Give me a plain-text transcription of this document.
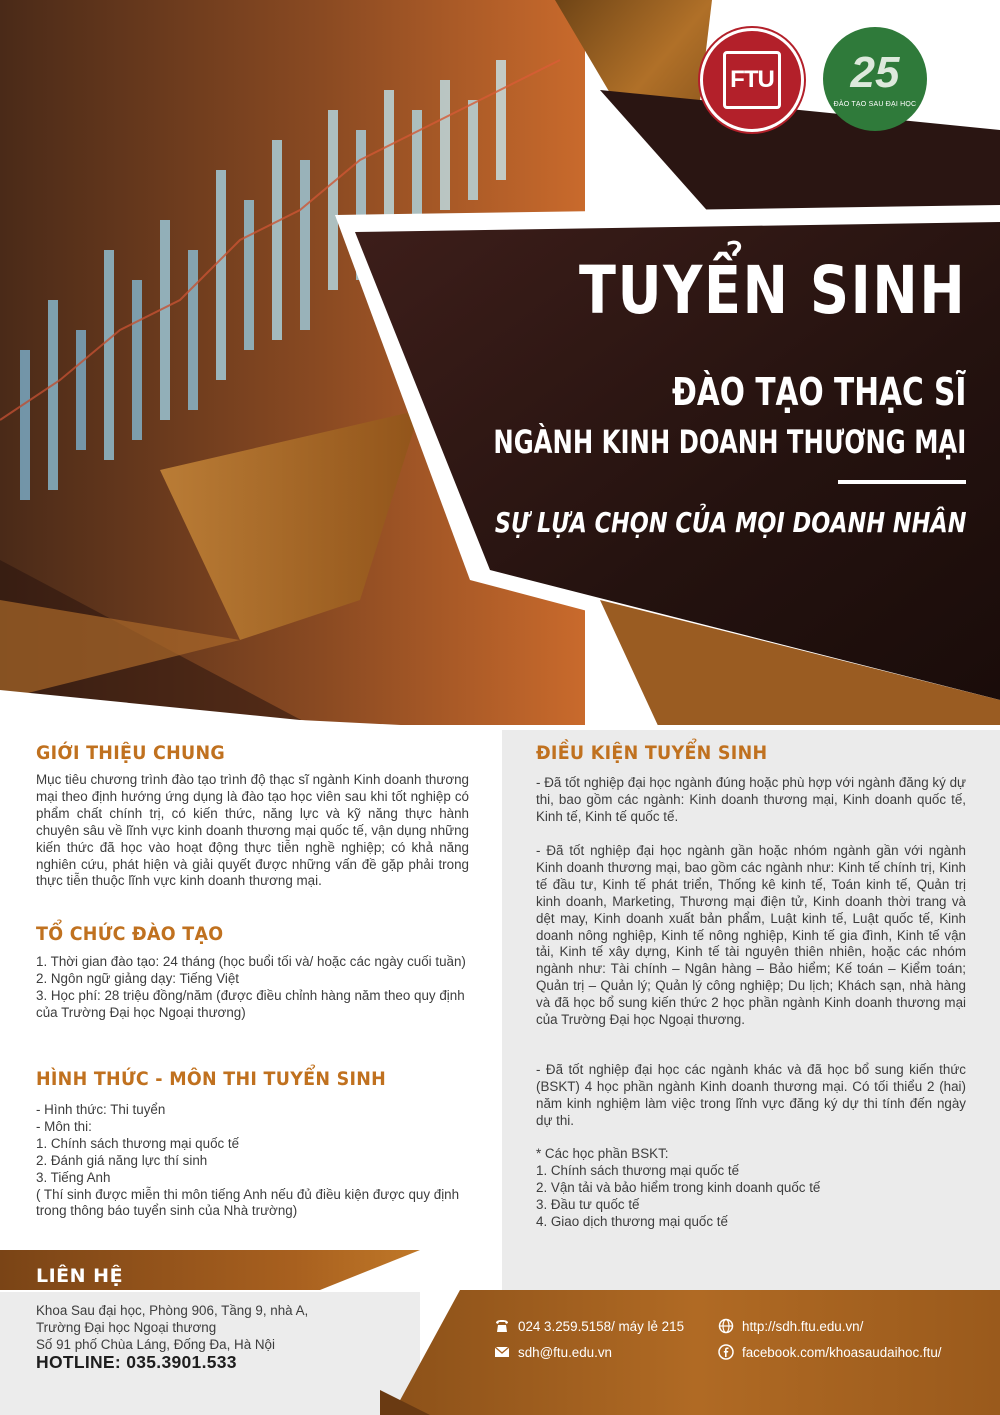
FTU 25
ĐÀO TẠO SAU ĐẠI HỌC
TUYỂN SINH
ĐÀO TẠO THẠC SĨ
NGÀNH KINH DOANH THƯƠNG MẠI
SỰ LỰA CHỌN CỦA MỌI DOANH NHÂN
GIỚI THIỆU CHUNG

Mục tiêu chương trình đào tạo trình độ thạc sĩ ngành Kinh doanh thương mại theo định hướng ứng dụng là đào tạo học viên sau khi tốt nghiệp có phẩm chất chính trị, có kiến thức, năng lực và kỹ năng thực hành chuyên sâu về lĩnh vực kinh doanh thương mại quốc tế, vận dụng những kiến thức đã học vào hoạt động thực tiễn nghề nghiệp; có khả năng nghiên cứu, phát hiện và giải quyết được những vấn đề gặp phải trong thực tiễn thuộc lĩnh vực kinh doanh thương mại.

TỔ CHỨC ĐÀO TẠO
1. Thời gian đào tạo: 24 tháng (học buổi tối và/ hoặc các ngày cuối tuần)
2. Ngôn ngữ giảng dạy: Tiếng Việt
3. Học phí: 28 triệu đồng/năm (được điều chỉnh hàng năm theo quy định của Trường Đại học Ngoại thương)
HÌNH THỨC - MÔN THI TUYỂN SINH
- Hình thức: Thi tuyển
- Môn thi:
1. Chính sách thương mại quốc tế
2. Đánh giá năng lực thí sinh
3. Tiếng Anh
( Thí sinh được miễn thi môn tiếng Anh nếu đủ điều kiện được quy định trong thông báo tuyển sinh của Nhà trường)
ĐIỀU KIỆN TUYỂN SINH

- Đã tốt nghiệp đại học ngành đúng hoặc phù hợp với ngành đăng ký dự thi, bao gồm các ngành: Kinh doanh thương mại, Kinh doanh quốc tế, Kinh tế, Kinh tế quốc tế.

- Đã tốt nghiệp đại học ngành gần hoặc nhóm ngành gần với ngành Kinh doanh thương mại, bao gồm các ngành như: Kinh tế chính trị, Kinh tế đầu tư, Kinh tế phát triển, Thống kê kinh tế, Toán kinh tế, Quản trị kinh doanh, Marketing, Thương mại điện tử, Kinh doanh thời trang và dệt may, Kinh doanh xuất bản phẩm, Luật kinh tế, Luật quốc tế, Kinh doanh nông nghiệp, Kinh tế nông nghiệp, Kinh tế gia đình, Kinh tế vận tải, Kinh tế xây dựng, Kinh tế tài nguyên thiên nhiên, hoặc các nhóm ngành như: Tài chính – Ngân hàng – Bảo hiểm; Kế toán – Kiểm toán; Quản trị – Quản lý; Quản lý công nghiệp; Du lịch; Khách sạn, nhà hàng và đã học bổ sung kiến thức 2 học phần ngành Kinh doanh thương mại của Trường Đại học Ngoại thương.

- Đã tốt nghiệp đại học các ngành khác và đã học bổ sung kiến thức (BSKT) 4 học phần ngành Kinh doanh thương mại. Có tối thiểu 2 (hai) năm kinh nghiệm làm việc trong lĩnh vực đăng ký dự thi tính đến ngày dự thi.

* Các học phần BSKT:
1. Chính sách thương mại quốc tế
2. Vận tải và bảo hiểm trong kinh doanh quốc tế
3. Đầu tư quốc tế
4. Giao dịch thương mại quốc tế
LIÊN HỆ
Khoa Sau đại học, Phòng 906, Tầng 9, nhà A,
Trường Đại học Ngoại thương
Số 91 phố Chùa Láng, Đống Đa, Hà Nội
HOTLINE: 035.3901.533
024 3.259.5158/ máy lẻ 215	http://sdh.ftu.edu.vn/
sdh@ftu.edu.vn	facebook.com/khoasaudaihoc.ftu/
